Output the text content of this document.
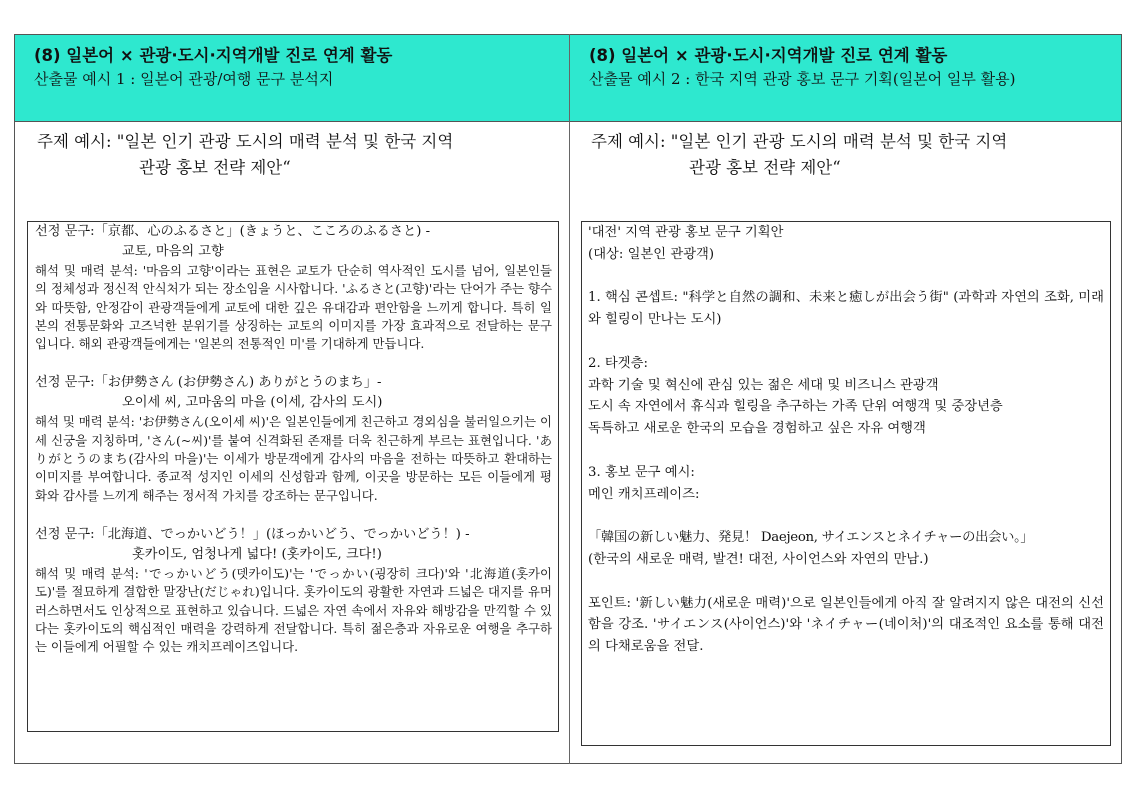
(8) 일본어 × 관광·도시·지역개발 진로 연계 활동
산출물 예시 1 : 일본어 관광/여행 문구 분석지
(8) 일본어 × 관광·도시·지역개발 진로 연계 활동
산출물 예시 2 : 한국 지역 관광 홍보 문구 기획(일본어 일부 활용)
주제 예시: "일본 인기 관광 도시의 매력 분석 및 한국 지역
관광 홍보 전략 제안“
주제 예시: "일본 인기 관광 도시의 매력 분석 및 한국 지역
관광 홍보 전략 제안“
선정 문구:「京都、心のふるさと」(きょうと、こころのふるさと) -
교토, 마음의 고향
해석 및 매력 분석: '마음의 고향'이라는 표현은 교토가 단순히 역사적인 도시를 넘어, 일본인들의 정체성과 정신적 안식처가 되는 장소임을 시사합니다. 'ふるさと(고향)'라는 단어가 주는 향수와 따뜻함, 안정감이 관광객들에게 교토에 대한 깊은 유대감과 편안함을 느끼게 합니다. 특히 일본의 전통문화와 고즈넉한 분위기를 상징하는 교토의 이미지를 가장 효과적으로 전달하는 문구입니다. 해외 관광객들에게는 '일본의 전통적인 미'를 기대하게 만듭니다.
선정 문구:「お伊勢さん (お伊勢さん) ありがとうのまち」-
오이세 씨, 고마움의 마을 (이세, 감사의 도시)
해석 및 매력 분석: 'お伊勢さん(오이세 씨)'은 일본인들에게 친근하고 경외심을 불러일으키는 이세 신궁을 지칭하며, 'さん(~씨)'를 붙여 신격화된 존재를 더욱 친근하게 부르는 표현입니다. 'ありがとうのまち(감사의 마을)'는 이세가 방문객에게 감사의 마음을 전하는 따뜻하고 환대하는 이미지를 부여합니다. 종교적 성지인 이세의 신성함과 함께, 이곳을 방문하는 모든 이들에게 평화와 감사를 느끼게 해주는 정서적 가치를 강조하는 문구입니다.
선정 문구:「北海道、でっかいどう！」(ほっかいどう、でっかいどう！) -
홋카이도, 엄청나게 넓다! (홋카이도, 크다!)
해석 및 매력 분석: 'でっかいどう(뎃카이도)'는 'でっかい(굉장히 크다)'와 '北海道(홋카이도)'를 절묘하게 결합한 말장난(だじゃれ)입니다. 홋카이도의 광활한 자연과 드넓은 대지를 유머러스하면서도 인상적으로 표현하고 있습니다. 드넓은 자연 속에서 자유와 해방감을 만끽할 수 있다는 홋카이도의 핵심적인 매력을 강력하게 전달합니다. 특히 젊은층과 자유로운 여행을 추구하는 이들에게 어필할 수 있는 캐치프레이즈입니다.
'대전' 지역 관광 홍보 문구 기획안
(대상: 일본인 관광객)
1. 핵심 콘셉트: "科学と自然の調和、未来と癒しが出会う街" (과학과 자연의 조화, 미래와 힐링이 만나는 도시)
2. 타겟층:
과학 기술 및 혁신에 관심 있는 젊은 세대 및 비즈니스 관광객
도시 속 자연에서 휴식과 힐링을 추구하는 가족 단위 여행객 및 중장년층
독특하고 새로운 한국의 모습을 경험하고 싶은 자유 여행객
3. 홍보 문구 예시:
메인 캐치프레이즈:
「韓国の新しい魅力、発見！ Daejeon, サイエンスとネイチャーの出会い。」
(한국의 새로운 매력, 발견! 대전, 사이언스와 자연의 만남.)
포인트: '新しい魅力(새로운 매력)'으로 일본인들에게 아직 잘 알려지지 않은 대전의 신선함을 강조. 'サイエンス(사이언스)'와 'ネイチャー(네이처)'의 대조적인 요소를 통해 대전의 다채로움을 전달.
